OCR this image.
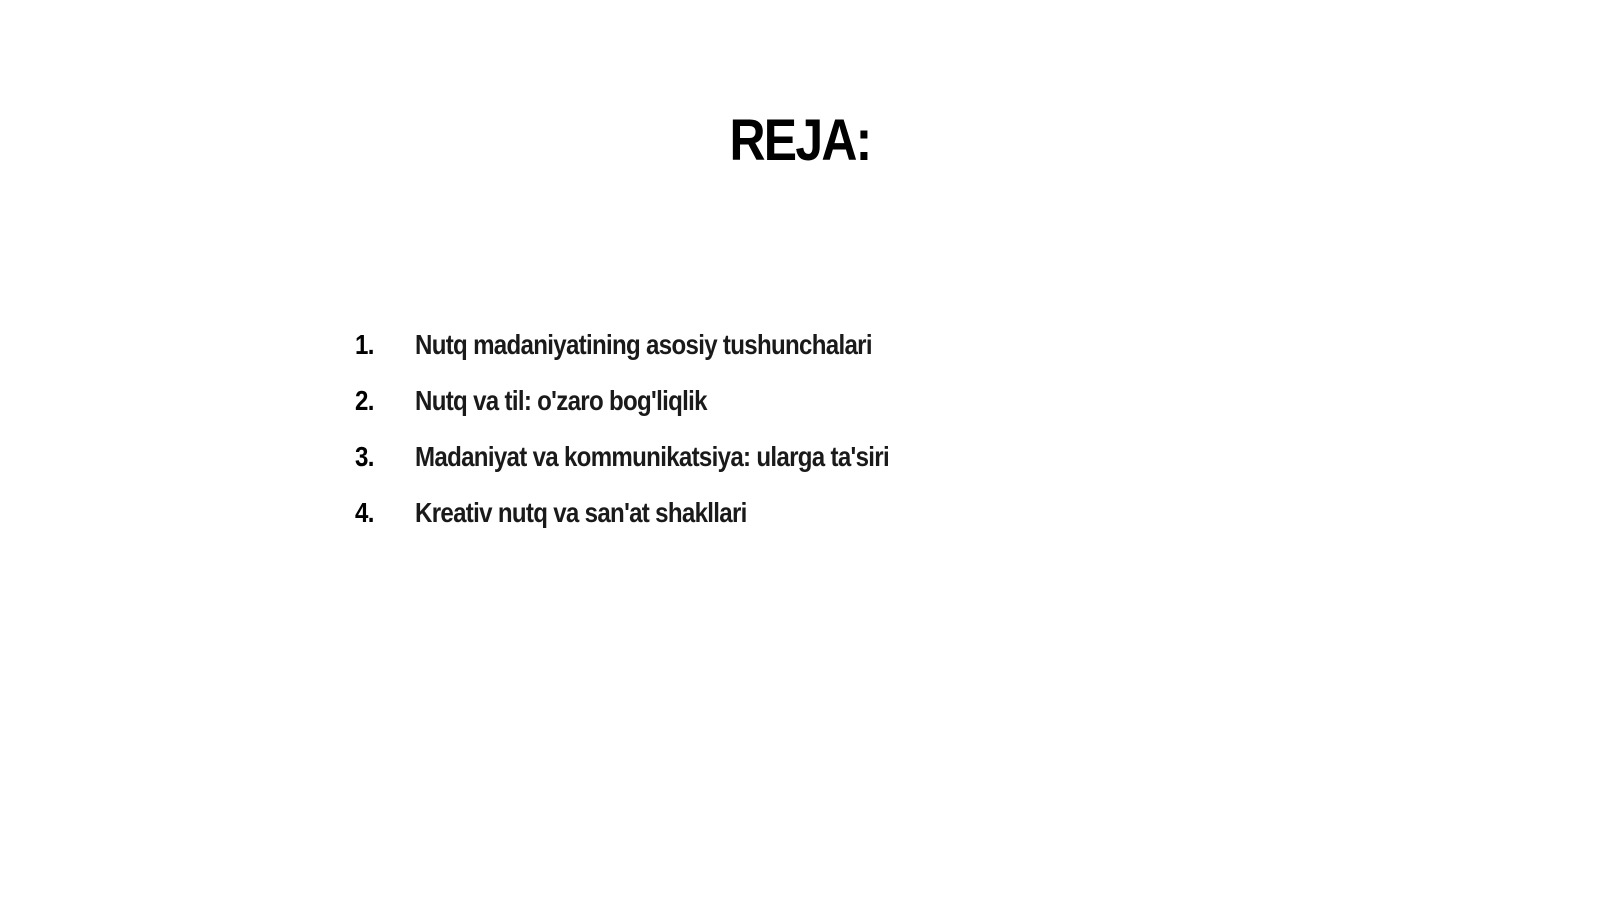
REJA:
1.	Nutq madaniyatining asosiy tushunchalari
2.	Nutq va til: o'zaro bog'liqlik
3.	Madaniyat va kommunikatsiya: ularga ta'siri
4.	Kreativ nutq va san'at shakllari
